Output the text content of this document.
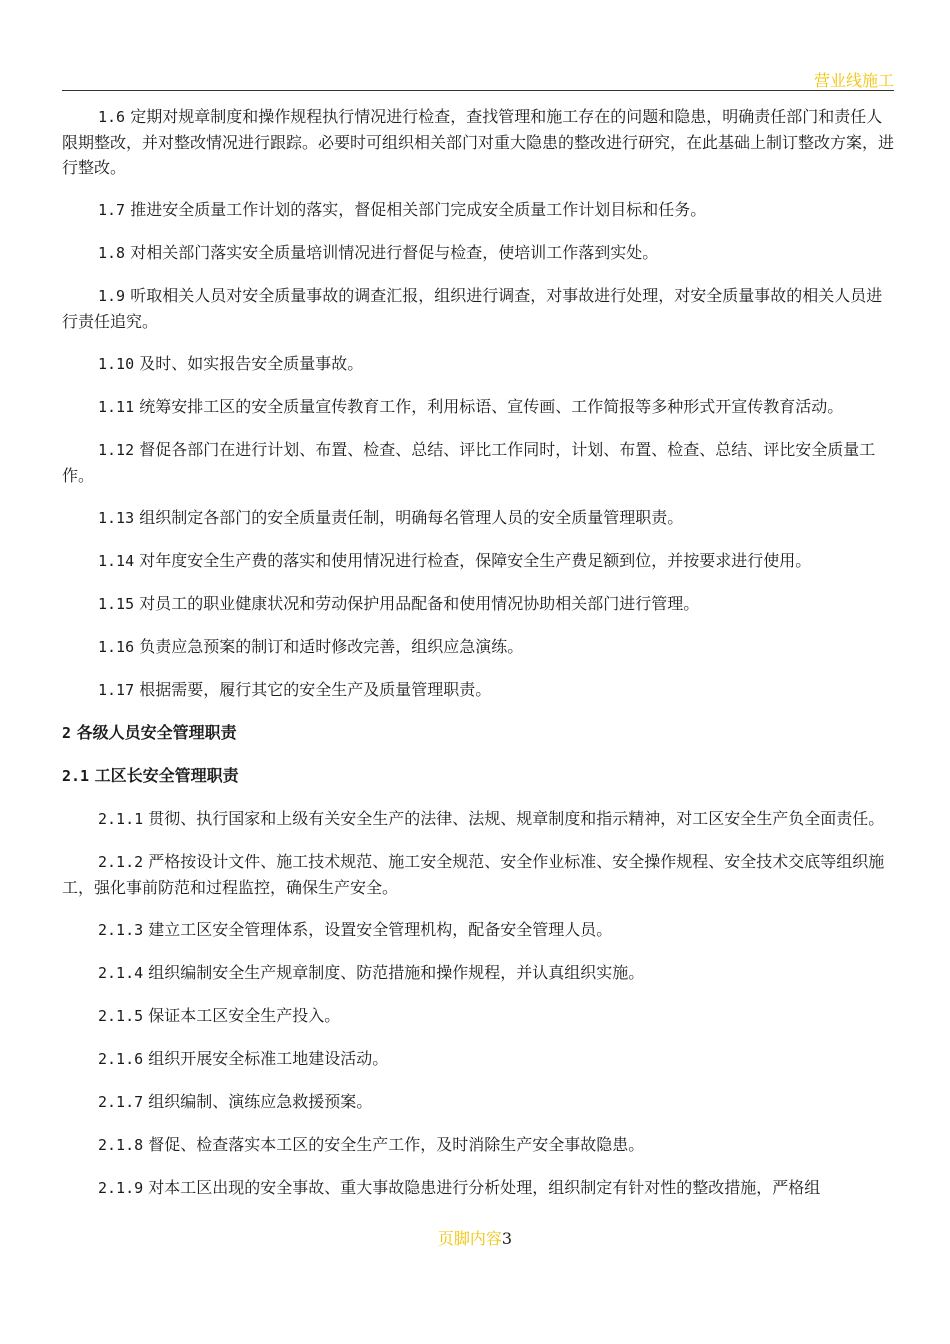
营业线施工

1.6 定期对规章制度和操作规程执行情况进行检查，查找管理和施工存在的问题和隐患，明确责任部门和责任人限期整改，并对整改情况进行跟踪。必要时可组织相关部门对重大隐患的整改进行研究，在此基础上制订整改方案，进行整改。

1.7 推进安全质量工作计划的落实，督促相关部门完成安全质量工作计划目标和任务。

1.8 对相关部门落实安全质量培训情况进行督促与检查，使培训工作落到实处。

1.9 听取相关人员对安全质量事故的调查汇报，组织进行调查，对事故进行处理，对安全质量事故的相关人员进行责任追究。

1.10 及时、如实报告安全质量事故。

1.11 统筹安排工区的安全质量宣传教育工作，利用标语、宣传画、工作简报等多种形式开宣传教育活动。

1.12 督促各部门在进行计划、布置、检查、总结、评比工作同时，计划、布置、检查、总结、评比安全质量工作。

1.13 组织制定各部门的安全质量责任制，明确每名管理人员的安全质量管理职责。

1.14 对年度安全生产费的落实和使用情况进行检查，保障安全生产费足额到位，并按要求进行使用。

1.15 对员工的职业健康状况和劳动保护用品配备和使用情况协助相关部门进行管理。

1.16 负责应急预案的制订和适时修改完善，组织应急演练。

1.17 根据需要，履行其它的安全生产及质量管理职责。

2 各级人员安全管理职责

2.1 工区长安全管理职责

2.1.1 贯彻、执行国家和上级有关安全生产的法律、法规、规章制度和指示精神，对工区安全生产负全面责任。

2.1.2 严格按设计文件、施工技术规范、施工安全规范、安全作业标准、安全操作规程、安全技术交底等组织施工，强化事前防范和过程监控，确保生产安全。

2.1.3 建立工区安全管理体系，设置安全管理机构，配备安全管理人员。

2.1.4 组织编制安全生产规章制度、防范措施和操作规程，并认真组织实施。

2.1.5 保证本工区安全生产投入。

2.1.6 组织开展安全标准工地建设活动。

2.1.7 组织编制、演练应急救援预案。

2.1.8 督促、检查落实本工区的安全生产工作，及时消除生产安全事故隐患。

2.1.9 对本工区出现的安全事故、重大事故隐患进行分析处理，组织制定有针对性的整改措施，严格组

页脚内容3
